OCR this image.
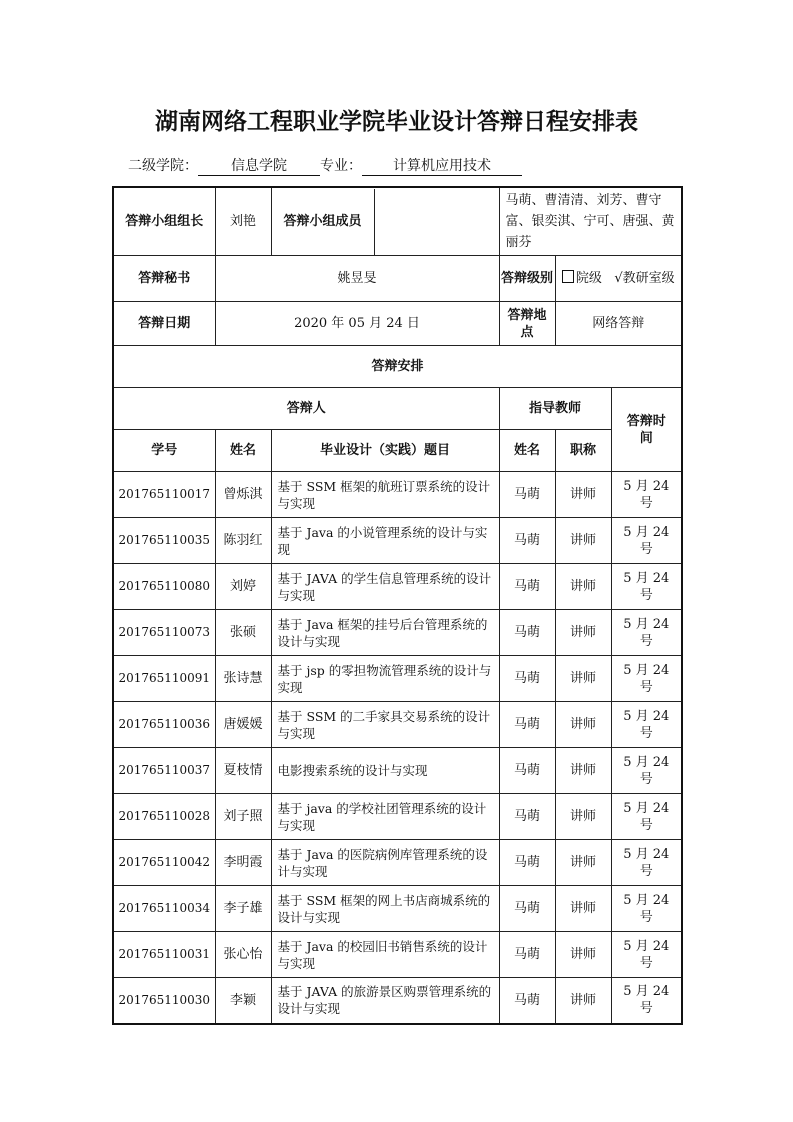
湖南网络工程职业学院毕业设计答辩日程安排表
二级学院： 信息学院 专业： 计算机应用技术
答辩小组组长	刘艳	答辩小组成员	马萌、曹清清、刘芳、曹守富、银奕淇、宁可、唐强、黄丽芬		
答辩秘书	姚昱旻		答辩级别	院级 √教研室级	
答辩日期	2020 年 05 月 24 日		答辩地点	网络答辩	
答辩安排					
答辩人			指导教师		答辩时间
学号	姓名	毕业设计（实践）题目	姓名	职称	
201765110017	曾烁淇	基于 SSM 框架的航班订票系统的设计与实现	马萌	讲师	5 月 24 号
201765110035	陈羽红	基于 Java 的小说管理系统的设计与实现	马萌	讲师	5 月 24 号
201765110080	刘婷	基于 JAVA 的学生信息管理系统的设计与实现	马萌	讲师	5 月 24 号
201765110073	张硕	基于 Java 框架的挂号后台管理系统的设计与实现	马萌	讲师	5 月 24 号
201765110091	张诗慧	基于 jsp 的零担物流管理系统的设计与实现	马萌	讲师	5 月 24 号
201765110036	唐媛媛	基于 SSM 的二手家具交易系统的设计与实现	马萌	讲师	5 月 24 号
201765110037	夏枝情	电影搜索系统的设计与实现	马萌	讲师	5 月 24 号
201765110028	刘子照	基于 java 的学校社团管理系统的设计与实现	马萌	讲师	5 月 24 号
201765110042	李明霞	基于 Java 的医院病例库管理系统的设计与实现	马萌	讲师	5 月 24 号
201765110034	李子雄	基于 SSM 框架的网上书店商城系统的设计与实现	马萌	讲师	5 月 24 号
201765110031	张心怡	基于 Java 的校园旧书销售系统的设计与实现	马萌	讲师	5 月 24 号
201765110030	李颖	基于 JAVA 的旅游景区购票管理系统的设计与实现	马萌	讲师	5 月 24 号
